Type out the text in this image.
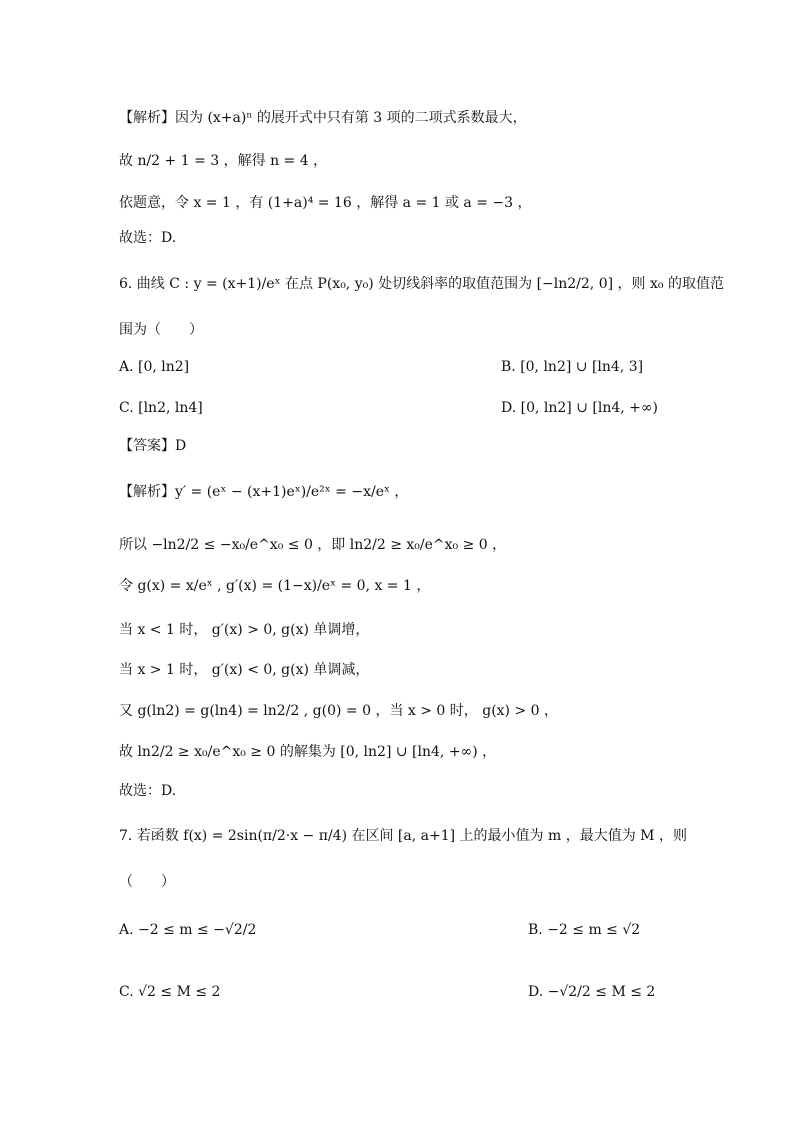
【解析】因为 (x+a)ⁿ 的展开式中只有第 3 项的二项式系数最大，
故 n/2 + 1 = 3 ，解得 n = 4 ，
依题意，令 x = 1 ，有 (1+a)⁴ = 16 ，解得 a = 1 或 a = −3 ，
故选：D.
6. 曲线 C : y = (x+1)/eˣ 在点 P(x₀, y₀) 处切线斜率的取值范围为 [−ln2/2, 0] ，则 x₀ 的取值范
围为（　　）
A. [0, ln2]	B. [0, ln2] ∪ [ln4, 3]
C. [ln2, ln4]	D. [0, ln2] ∪ [ln4, +∞)
【答案】D
【解析】y′ = (eˣ − (x+1)eˣ)/e²ˣ = −x/eˣ ，
所以 −ln2/2 ≤ −x₀/e^x₀ ≤ 0 ，即 ln2/2 ≥ x₀/e^x₀ ≥ 0 ，
令 g(x) = x/eˣ , g′(x) = (1−x)/eˣ = 0, x = 1 ，
当 x < 1 时， g′(x) > 0, g(x) 单调增，
当 x > 1 时， g′(x) < 0, g(x) 单调减，
又 g(ln2) = g(ln4) = ln2/2 , g(0) = 0 ，当 x > 0 时， g(x) > 0 ，
故 ln2/2 ≥ x₀/e^x₀ ≥ 0 的解集为 [0, ln2] ∪ [ln4, +∞) ，
故选：D.
7. 若函数 f(x) = 2sin(π/2·x − π/4) 在区间 [a, a+1] 上的最小值为 m ，最大值为 M ，则
（　　）
A. −2 ≤ m ≤ −√2/2	B. −2 ≤ m ≤ √2
C. √2 ≤ M ≤ 2	D. −√2/2 ≤ M ≤ 2
